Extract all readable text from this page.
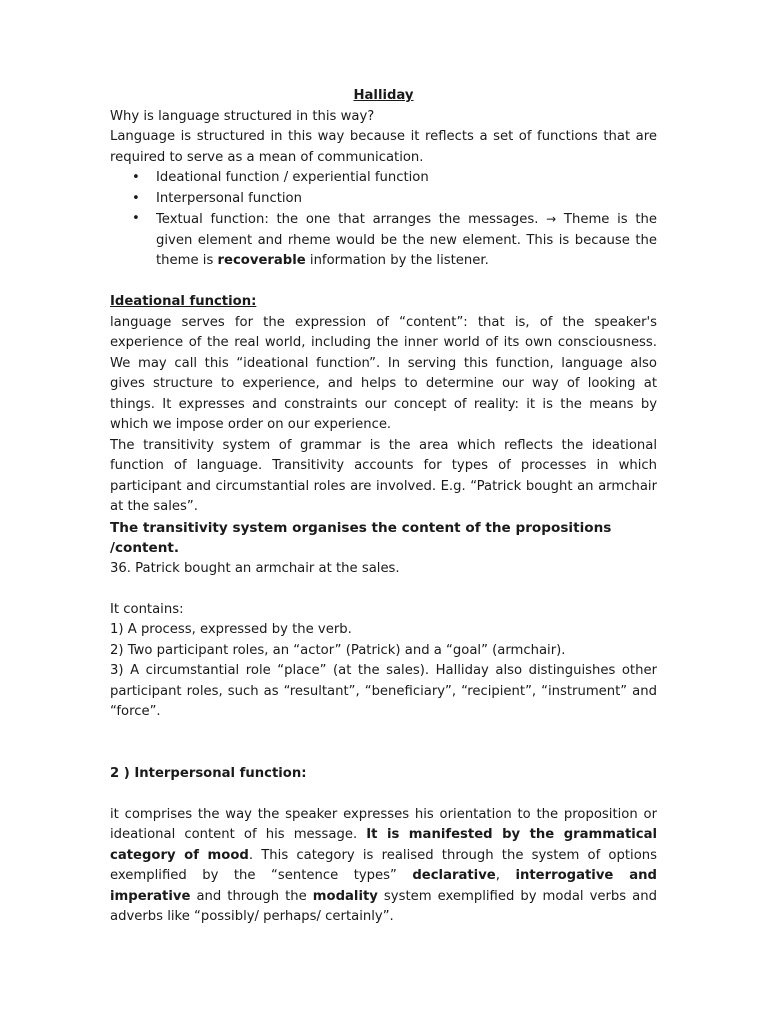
Halliday

Why is language structured in this way?

Language is structured in this way because it reflects a set of functions that are required to serve as a mean of communication.

• Ideational function / experiential function
• Interpersonal function
• Textual function: the one that arranges the messages. → Theme is the given element and rheme would be the new element. This is because the theme is recoverable information by the listener.

Ideational function:

language serves for the expression of “content”: that is, of the speaker's experience of the real world, including the inner world of its own consciousness. We may call this “ideational function”. In serving this function, language also gives structure to experience, and helps to determine our way of looking at things. It expresses and constraints our concept of reality: it is the means by which we impose order on our experience.

The transitivity system of grammar is the area which reflects the ideational function of language. Transitivity accounts for types of processes in which participant and circumstantial roles are involved. E.g. “Patrick bought an armchair at the sales”.

The transitivity system organises the content of the propositions /content.

36. Patrick bought an armchair at the sales.

It contains:

1) A process, expressed by the verb.

2) Two participant roles, an “actor” (Patrick) and a “goal” (armchair).

3) A circumstantial role “place” (at the sales). Halliday also distinguishes other participant roles, such as “resultant”, “beneficiary”, “recipient”, “instrument” and “force”.

2 ) Interpersonal function:

it comprises the way the speaker expresses his orientation to the proposition or ideational content of his message. It is manifested by the grammatical category of mood. This category is realised through the system of options exemplified by the “sentence types” declarative, interrogative and imperative and through the modality system exemplified by modal verbs and adverbs like “possibly/ perhaps/ certainly”.
